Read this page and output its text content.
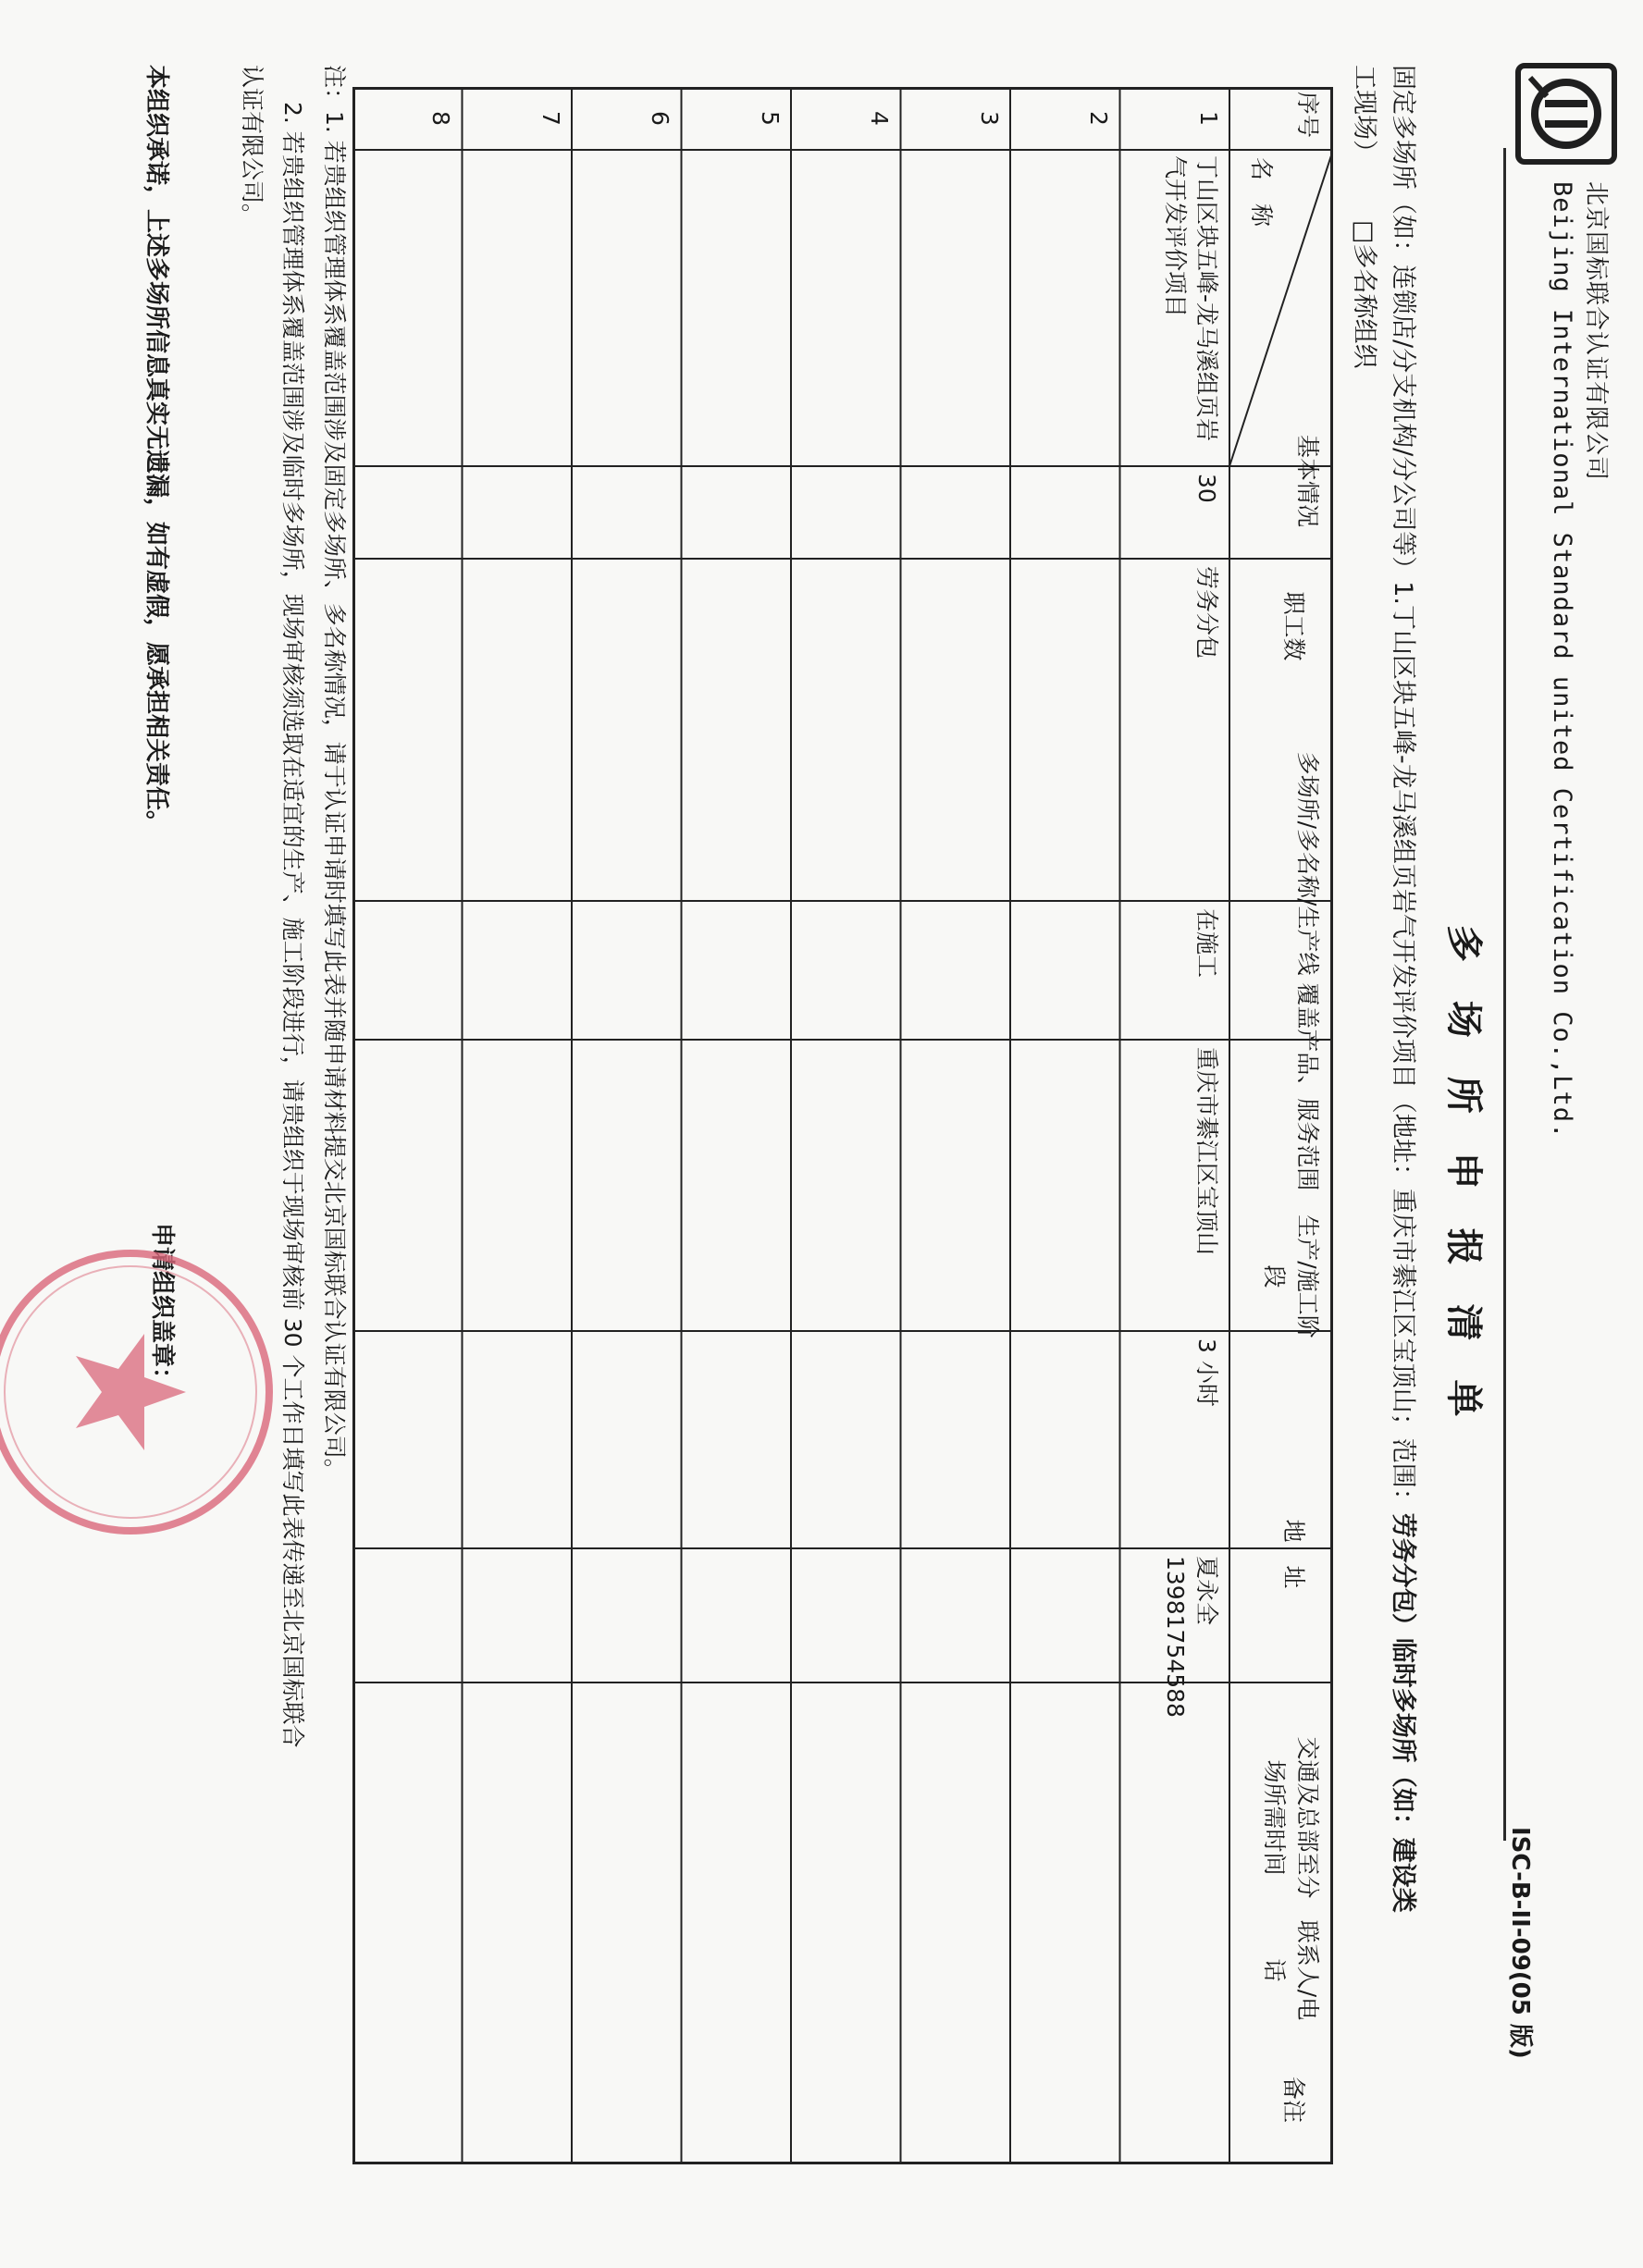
北京国标联合认证有限公司
Beijing International Standard united Certification Co.,Ltd.
ISC-B-II-09(05 版)
多 场 所 申 报 清 单
固定多场所（如：连锁店/分支机构/分公司等）1.丁山区块五峰-龙马溪组页岩气开发评价项目（地址：重庆市綦江区宝顶山；范围：劳务分包）临时多场所（如：建设类
工现场）□多名称组织
序号
基本情况
名　称
职工数
多场所/多名称/生产线 覆盖产品、服务范围
生产/施工阶　段
地　址
交通及总部至分场所需时间
联系人/电话
备注
1
丁山区块五峰-龙马溪组页岩气开发评价项目
30
劳务分包
在施工
重庆市綦江区宝顶山
3 小时
夏永全 13981754588
2
3
4
5
6
7
8
注：1. 若贵组织管理体系覆盖范围涉及固定多场所、多名称情况，请于认证申请时填写此表并随申请材料提交北京国标联合认证有限公司。
2. 若贵组织管理体系覆盖范围涉及临时多场所，现场审核须选取在适宜的生产、施工阶段进行，请贵组织于现场审核前 30 个工作日填写此表传递至北京国标联合
认证有限公司。
本组织承诺，上述多场所信息真实无遗漏，如有虚假，愿承担相关责任。
申请组织盖章：
